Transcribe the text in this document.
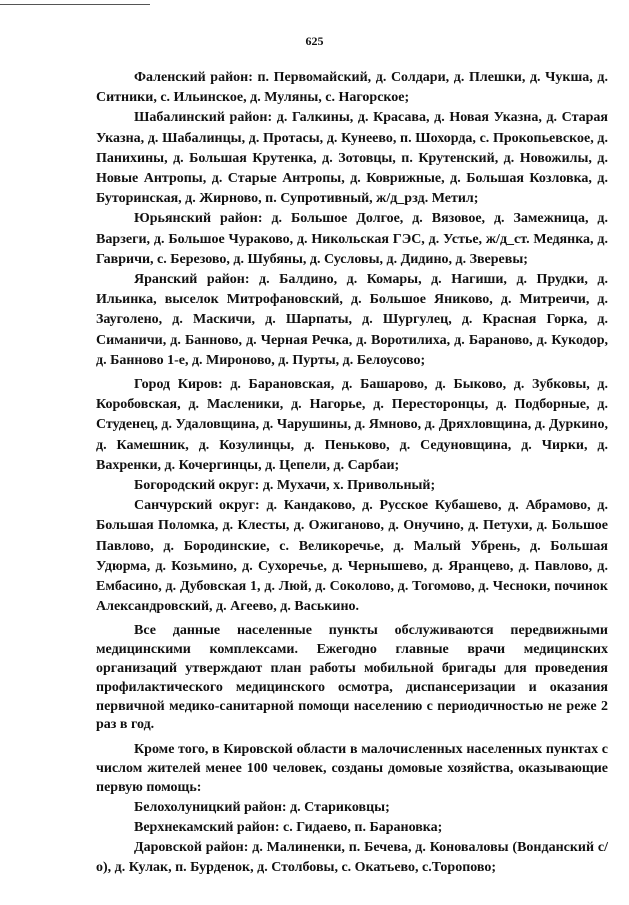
625

Фаленский район: п. Первомайский, д. Солдари, д. Плешки, д. Чукша, д. Ситники, с. Ильинское, д. Муляны, с. Нагорское;

Шабалинский район: д. Галкины, д. Красава, д. Новая Указна, д. Старая Указна, д. Шабалинцы, д. Протасы, д. Кунеево, п. Шохорда, с. Прокопьевское, д. Панихины, д. Большая Крутенка, д. Зотовцы, п. Крутенский, д. Новожилы, д. Новые Антропы, д. Старые Антропы, д. Коврижные, д. Большая Козловка, д. Буторинская, д. Жирново, п. Супротивный, ж/д_рзд. Метил;

Юрьянский район: д. Большое Долгое, д. Вязовое, д. Замежница, д. Варзеги, д. Большое Чураково, д. Никольская ГЭС, д. Устье, ж/д_ст. Медянка, д. Гавричи, с. Березово, д. Шубяны, д. Сусловы, д. Дидино, д. Зверевы;

Яранский район: д. Балдино, д. Комары, д. Нагиши, д. Прудки, д. Ильинка, выселок Митрофановский, д. Большое Яниково, д. Митреичи, д. Зауголено, д. Маскичи, д. Шарпаты, д. Шургулец, д. Красная Горка, д. Симаничи, д. Банново, д. Черная Речка, д. Воротилиха, д. Бараново, д. Кукодор, д. Банново 1-е, д. Мироново, д. Пурты, д. Белоусово;

Город Киров: д. Барановская, д. Башарово, д. Быково, д. Зубковы, д. Коробовская, д. Масленики, д. Нагорье, д. Пересторонцы, д. Подборные, д. Студенец, д. Удаловщина, д. Чарушины, д. Ямново, д. Дряхловщина, д. Дуркино, д. Камешник, д. Козулинцы, д. Пеньково, д. Седуновщина, д. Чирки, д. Вахренки, д. Кочергинцы, д. Цепели, д. Сарбаи;

Богородский округ: д. Мухачи, х. Привольный;

Санчурский округ: д. Кандаково, д. Русское Кубашево, д. Абрамово, д. Большая Поломка, д. Клесты, д. Ожиганово, д. Онучино, д. Петухи, д. Большое Павлово, д. Бородинские, с. Великоречье, д. Малый Убрень, д. Большая Удюрма, д. Козьмино, д. Сухоречье, д. Чернышево, д. Яранцево, д. Павлово, д. Ембасино, д. Дубовская 1, д. Люй, д. Соколово, д. Тогомово, д. Чесноки, починок Александровский, д. Агеево, д. Васькино.

Все данные населенные пункты обслуживаются передвижными медицинскими комплексами. Ежегодно главные врачи медицинских организаций утверждают план работы мобильной бригады для проведения профилактического медицинского осмотра, диспансеризации и оказания первичной медико-санитарной помощи населению с периодичностью не реже 2 раз в год.

Кроме того, в Кировской области в малочисленных населенных пунктах с числом жителей менее 100 человек, созданы домовые хозяйства, оказывающие первую помощь:

Белохолуницкий район: д. Стариковцы;

Верхнекамский район: с. Гидаево, п. Барановка;

Даровской район: д. Малиненки, п. Бечева, д. Коноваловы (Вонданский с/о), д. Кулак, п. Бурденок, д. Столбовы, с. Окатьево, с.Торопово;
